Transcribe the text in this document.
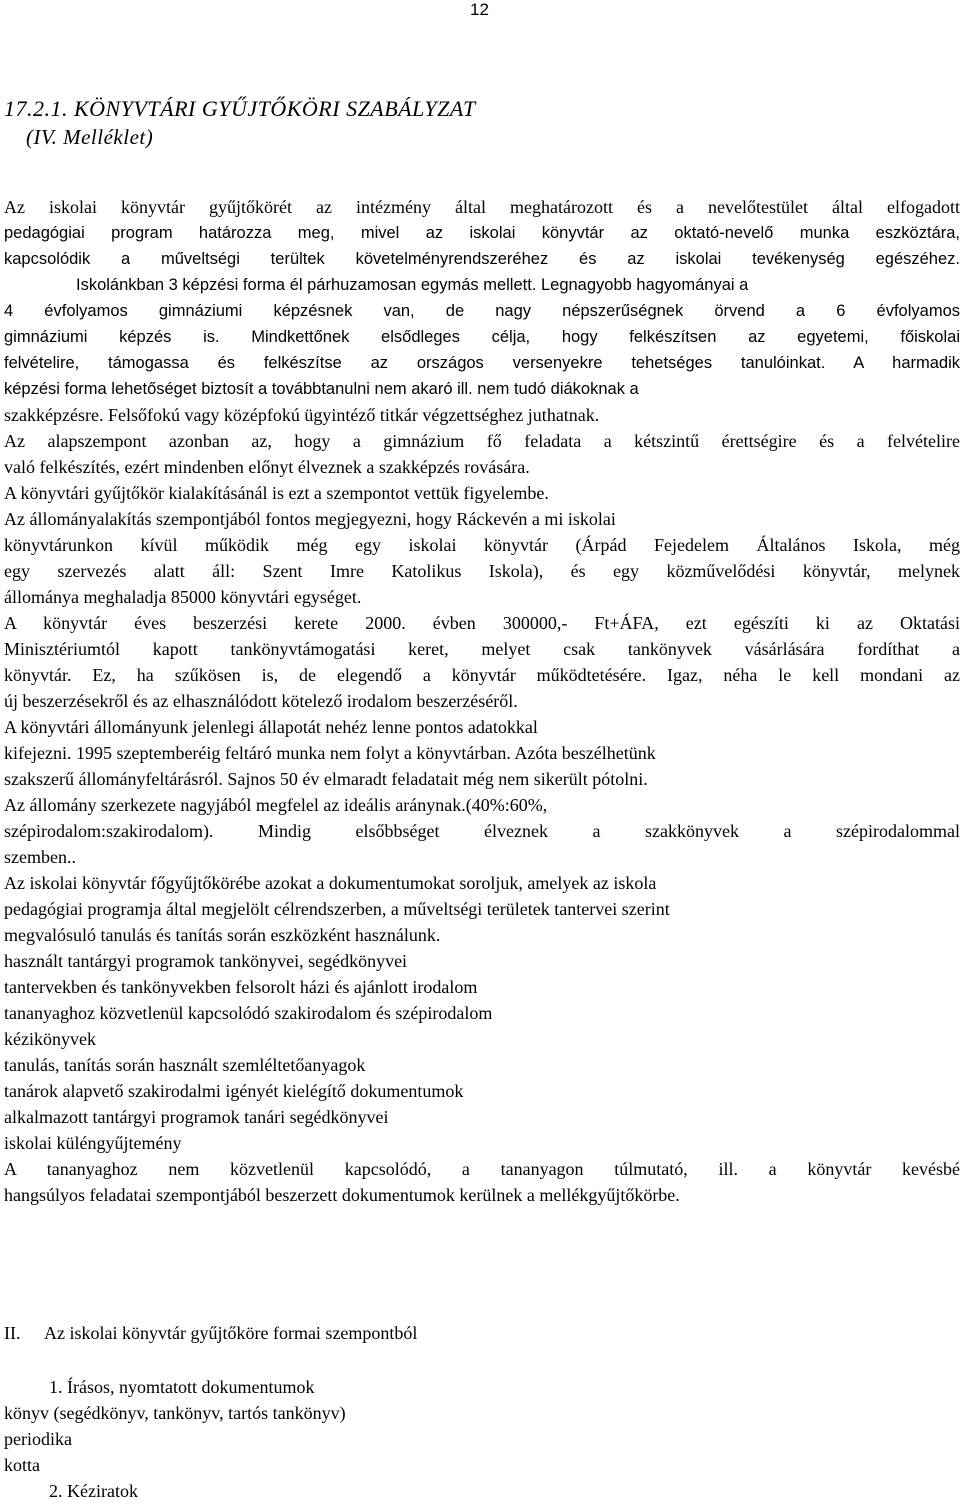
12
17.2.1. KÖNYVTÁRI GYŰJTŐKÖRI SZABÁLYZAT
(IV. Melléklet)
Az iskolai könyvtár gyűjtőkörét az intézmény által meghatározott és a nevelőtestület által elfogadott
pedagógiai program határozza meg, mivel az iskolai könyvtár az oktató-nevelő munka eszköztára,
kapcsolódik a műveltségi terültek követelményrendszeréhez és az iskolai tevékenység egészéhez.
Iskolánkban 3 képzési forma él párhuzamosan egymás mellett. Legnagyobb hagyományai a
4 évfolyamos gimnáziumi képzésnek van, de nagy népszerűségnek örvend a 6 évfolyamos
gimnáziumi képzés is. Mindkettőnek elsődleges célja, hogy felkészítsen az egyetemi, főiskolai
felvételire, támogassa és felkészítse az országos versenyekre tehetséges tanulóinkat. A harmadik
képzési forma lehetőséget biztosít a továbbtanulni nem akaró ill. nem tudó diákoknak a
szakképzésre. Felsőfokú vagy középfokú ügyintéző titkár végzettséghez juthatnak.
Az alapszempont azonban az, hogy a gimnázium fő feladata a kétszintű érettségire és a felvételire
való felkészítés, ezért mindenben előnyt élveznek a szakképzés rovására.
A könyvtári gyűjtőkör kialakításánál is ezt a szempontot vettük figyelembe.
Az állományalakítás szempontjából fontos megjegyezni, hogy Ráckevén a mi iskolai
könyvtárunkon kívül működik még egy iskolai könyvtár (Árpád Fejedelem Általános Iskola, még
egy szervezés alatt áll: Szent Imre Katolikus Iskola), és egy közművelődési könyvtár, melynek
állománya meghaladja 85000 könyvtári egységet.
A könyvtár éves beszerzési kerete 2000. évben 300000,- Ft+ÁFA, ezt egészíti ki az Oktatási
Minisztériumtól kapott tankönyvtámogatási keret, melyet csak tankönyvek vásárlására fordíthat a
könyvtár. Ez, ha szűkösen is, de elegendő a könyvtár működtetésére. Igaz, néha le kell mondani az
új beszerzésekről és az elhasználódott kötelező irodalom beszerzéséről.
A könyvtári állományunk jelenlegi állapotát nehéz lenne pontos adatokkal
kifejezni. 1995 szeptemberéig feltáró munka nem folyt a könyvtárban. Azóta beszélhetünk
szakszerű állományfeltárásról. Sajnos 50 év elmaradt feladatait még nem sikerült pótolni.
Az állomány szerkezete nagyjából megfelel az ideális aránynak.(40%:60%,
szépirodalom:szakirodalom). Mindig elsőbbséget élveznek a szakkönyvek a szépirodalommal
szemben..
Az iskolai könyvtár főgyűjtőkörébe azokat a dokumentumokat soroljuk, amelyek az iskola
pedagógiai programja által megjelölt célrendszerben, a műveltségi területek tantervei szerint
megvalósuló tanulás és tanítás során eszközként használunk.
használt tantárgyi programok tankönyvei, segédkönyvei
tantervekben és tankönyvekben felsorolt házi és ajánlott irodalom
tananyaghoz közvetlenül kapcsolódó szakirodalom és szépirodalom
kézikönyvek
tanulás, tanítás során használt szemléltetőanyagok
tanárok alapvető szakirodalmi igényét kielégítő dokumentumok
alkalmazott tantárgyi programok tanári segédkönyvei
iskolai küléngyűjtemény
A tananyaghoz nem közvetlenül kapcsolódó, a tananyagon túlmutató, ill. a könyvtár kevésbé
hangsúlyos feladatai szempontjából beszerzett dokumentumok kerülnek a mellékgyűjtőkörbe.
II. Az iskolai könyvtár gyűjtőköre formai szempontból
1. Írásos, nyomtatott dokumentumok
könyv (segédkönyv, tankönyv, tartós tankönyv)
periodika
kotta
2. Kéziratok
